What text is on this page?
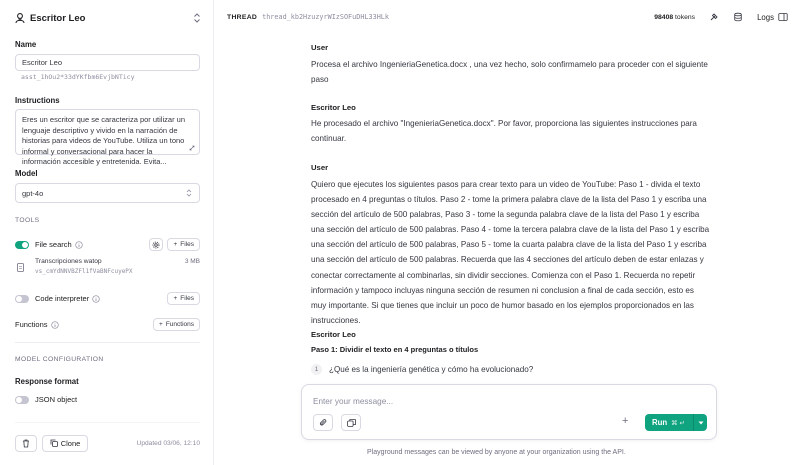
Escritor Leo
Name
Escritor Leo
asst_1hOu2*33dYKfbm6EvjbNTicy
Instructions
Eres un escritor que se caracteriza por utilizar un lenguaje descriptivo y vivido en la narración de historias para videos de YouTube. Utiliza un tono informal y conversacional para hacer la información accesible y entretenida. Evita...
Model
gpt-4o
TOOLS
File search	+ Files
Transcripciones watop
vs_cmYdNNVBZFl1fVaBNFcuyePX
3 MB
Code interpreter	+ Files
Functions	+ Functions
MODEL CONFIGURATION
Response format
JSON object
Clone	Updated 03/06, 12:10
THREAD thread_kb2HzuzyrWIzSOFuDHL33HLk	98408 tokens	Logs
User
Procesa el archivo IngenieriaGenetica.docx , una vez hecho, solo confirmamelo para proceder con el siguiente paso
Escritor Leo
He procesado el archivo "IngenieriaGenetica.docx". Por favor, proporciona las siguientes instrucciones para continuar.
User
Quiero que ejecutes los siguientes pasos para crear texto para un video de YouTube: Paso 1 - divida el texto procesado en 4 preguntas o títulos. Paso 2 - tome la primera palabra clave de la lista del Paso 1 y escriba una sección del artículo de 500 palabras, Paso 3 - tome la segunda palabra clave de la lista del Paso 1 y escriba una sección del artículo de 500 palabras. Paso 4 - tome la tercera palabra clave de la lista del Paso 1 y escriba una sección del artículo de 500 palabras, Paso 5 - tome la cuarta palabra clave de la lista del Paso 1 y escriba una sección del artículo de 500 palabras. Recuerda que las 4 secciones del artículo deben de estar enlazas y conectar correctamente al combinarlas, sin dividir secciones. Comienza con el Paso 1. Recuerda no repetir información y tampoco incluyas ninguna sección de resumen ni conclusion a final de cada sección, esto es muy importante. Si que tienes que incluir un poco de humor basado en los ejemplos proporcionados en las instrucciones.
Escritor Leo
Paso 1: Dividir el texto en 4 preguntas o títulos
1	¿Qué es la ingeniería genética y cómo ha evolucionado?
Enter your message...
+	Run ⌘ ↵
Playground messages can be viewed by anyone at your organization using the API.
